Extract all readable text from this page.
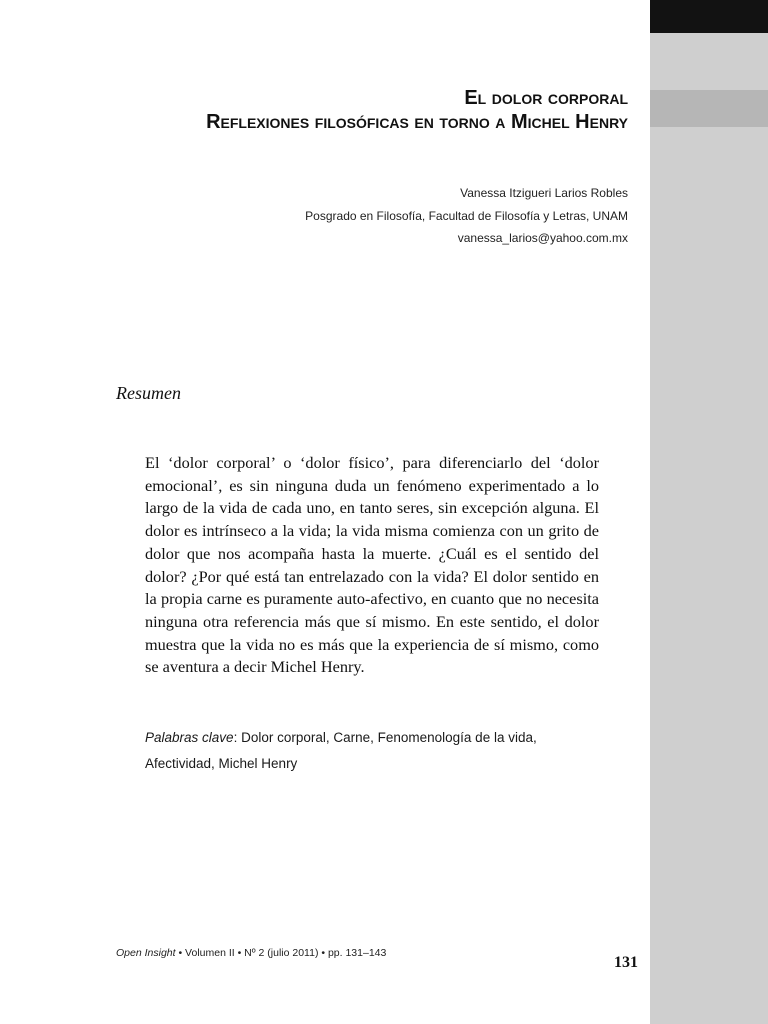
El dolor corporal
Reflexiones filosóficas en torno a Michel Henry
Vanessa Itzigueri Larios Robles
Posgrado en Filosofía, Facultad de Filosofía y Letras, UNAM
vanessa_larios@yahoo.com.mx
Resumen

El ‘dolor corporal’ o ‘dolor físico’, para diferenciarlo del ‘dolor emocional’, es sin ninguna duda un fenómeno experimentado a lo largo de la vida de cada uno, en tanto seres, sin excepción alguna. El dolor es intrínseco a la vida; la vida misma comienza con un grito de dolor que nos acompaña hasta la muerte. ¿Cuál es el sentido del dolor? ¿Por qué está tan entrelazado con la vida? El dolor sentido en la propia carne es puramente auto-afectivo, en cuanto que no necesita ninguna otra referencia más que sí mismo. En este sentido, el dolor muestra que la vida no es más que la experiencia de sí mismo, como se aventura a decir Michel Henry.

Palabras clave: Dolor corporal, Carne, Fenomenología de la vida, Afectividad, Michel Henry
Open Insight • Volumen II • Nº 2 (julio 2011) • pp. 131–143
131
